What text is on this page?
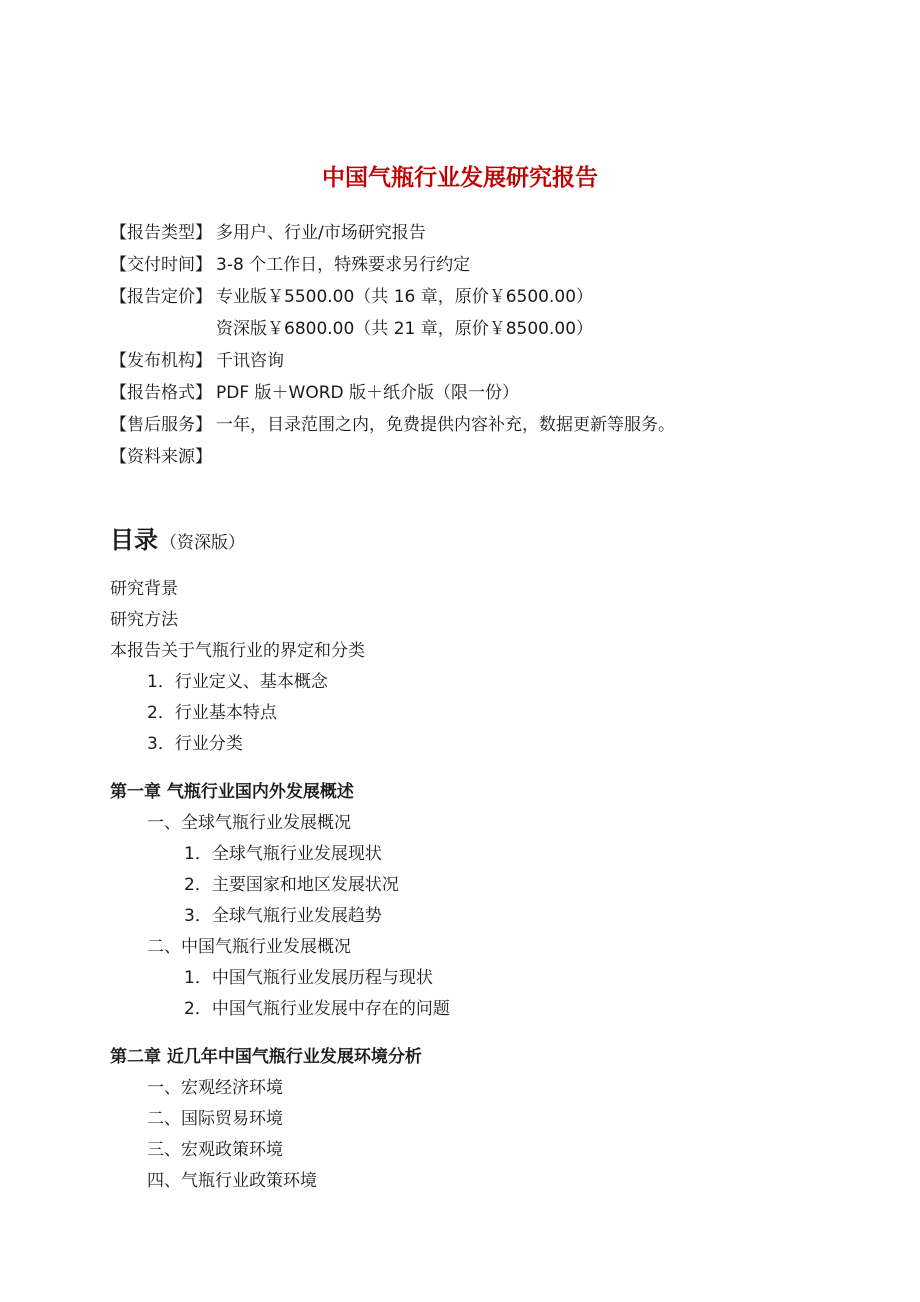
中国气瓶行业发展研究报告
【报告类型】 多用户、行业/市场研究报告
【交付时间】 3-8 个工作日，特殊要求另行约定
【报告定价】 专业版￥5500.00（共 16 章，原价￥6500.00）
资深版￥6800.00（共 21 章，原价￥8500.00）
【发布机构】 千讯咨询
【报告格式】 PDF 版＋WORD 版＋纸介版（限一份）
【售后服务】 一年，目录范围之内，免费提供内容补充，数据更新等服务。
【资料来源】
目录 （资深版）
研究背景
研究方法
本报告关于气瓶行业的界定和分类
1．行业定义、基本概念
2．行业基本特点
3．行业分类
第一章 气瓶行业国内外发展概述
一、全球气瓶行业发展概况
1．全球气瓶行业发展现状
2．主要国家和地区发展状况
3．全球气瓶行业发展趋势
二、中国气瓶行业发展概况
1．中国气瓶行业发展历程与现状
2．中国气瓶行业发展中存在的问题
第二章 近几年中国气瓶行业发展环境分析
一、宏观经济环境
二、国际贸易环境
三、宏观政策环境
四、气瓶行业政策环境
